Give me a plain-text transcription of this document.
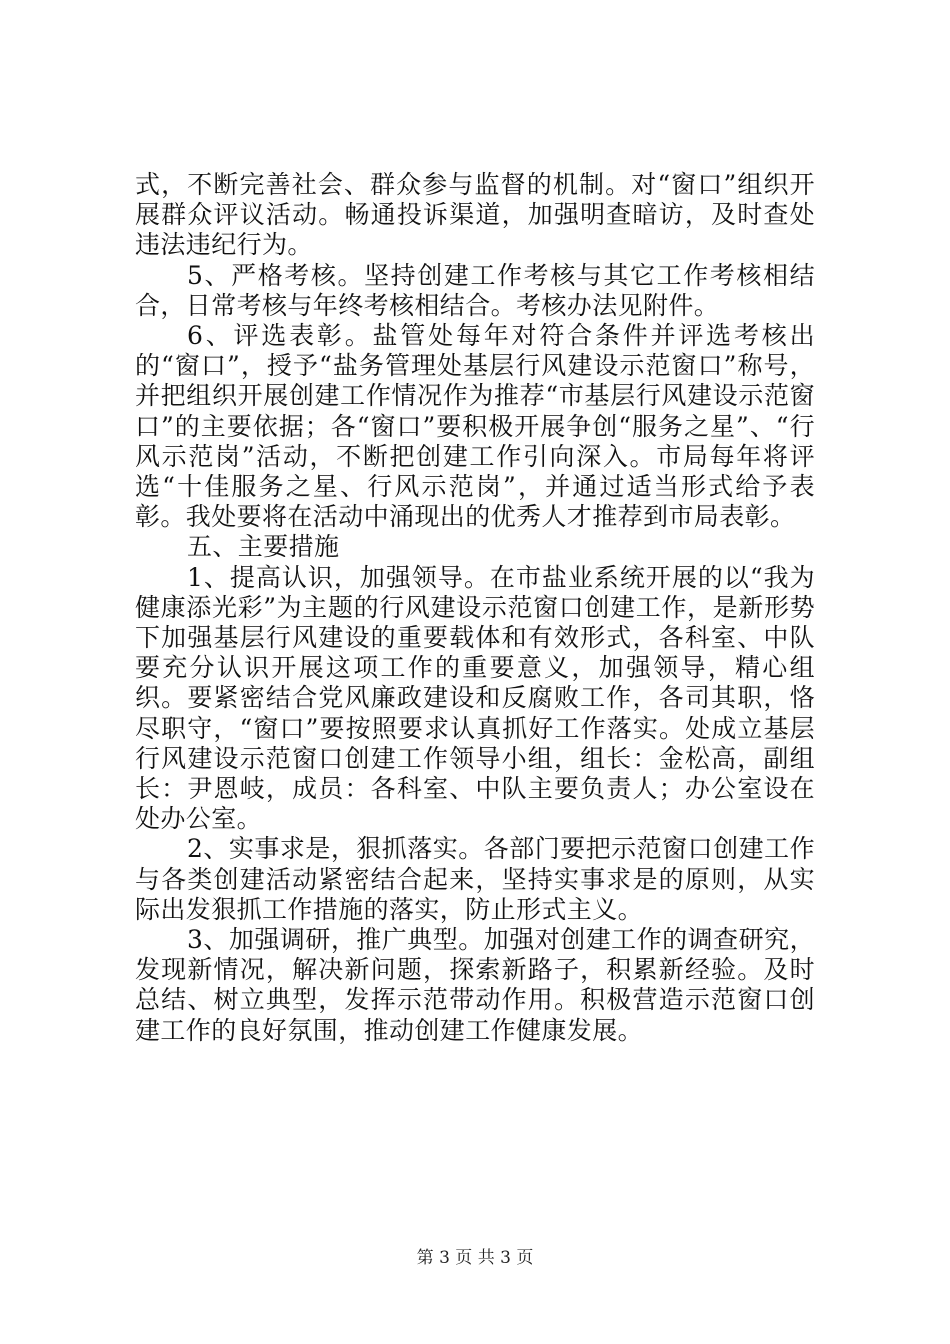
式，不断完善社会、群众参与监督的机制。对“窗口”组织开展群众评议活动。畅通投诉渠道，加强明查暗访，及时查处违法违纪行为。

5、严格考核。坚持创建工作考核与其它工作考核相结合，日常考核与年终考核相结合。考核办法见附件。

6、评选表彰。盐管处每年对符合条件并评选考核出的“窗口”，授予“盐务管理处基层行风建设示范窗口”称号，并把组织开展创建工作情况作为推荐“市基层行风建设示范窗口”的主要依据；各“窗口”要积极开展争创“服务之星”、“行风示范岗”活动，不断把创建工作引向深入。市局每年将评选“十佳服务之星、行风示范岗”，并通过适当形式给予表彰。我处要将在活动中涌现出的优秀人才推荐到市局表彰。

五、主要措施

1、提高认识，加强领导。在市盐业系统开展的以“我为健康添光彩”为主题的行风建设示范窗口创建工作，是新形势下加强基层行风建设的重要载体和有效形式，各科室、中队要充分认识开展这项工作的重要意义，加强领导，精心组织。要紧密结合党风廉政建设和反腐败工作，各司其职，恪尽职守，“窗口”要按照要求认真抓好工作落实。处成立基层行风建设示范窗口创建工作领导小组，组长：金松高，副组长：尹恩岐，成员：各科室、中队主要负责人；办公室设在处办公室。

2、实事求是，狠抓落实。各部门要把示范窗口创建工作与各类创建活动紧密结合起来，坚持实事求是的原则，从实际出发狠抓工作措施的落实，防止形式主义。

3、加强调研，推广典型。加强对创建工作的调查研究，发现新情况，解决新问题，探索新路子，积累新经验。及时总结、树立典型，发挥示范带动作用。积极营造示范窗口创建工作的良好氛围，推动创建工作健康发展。

第 3 页 共 3 页
